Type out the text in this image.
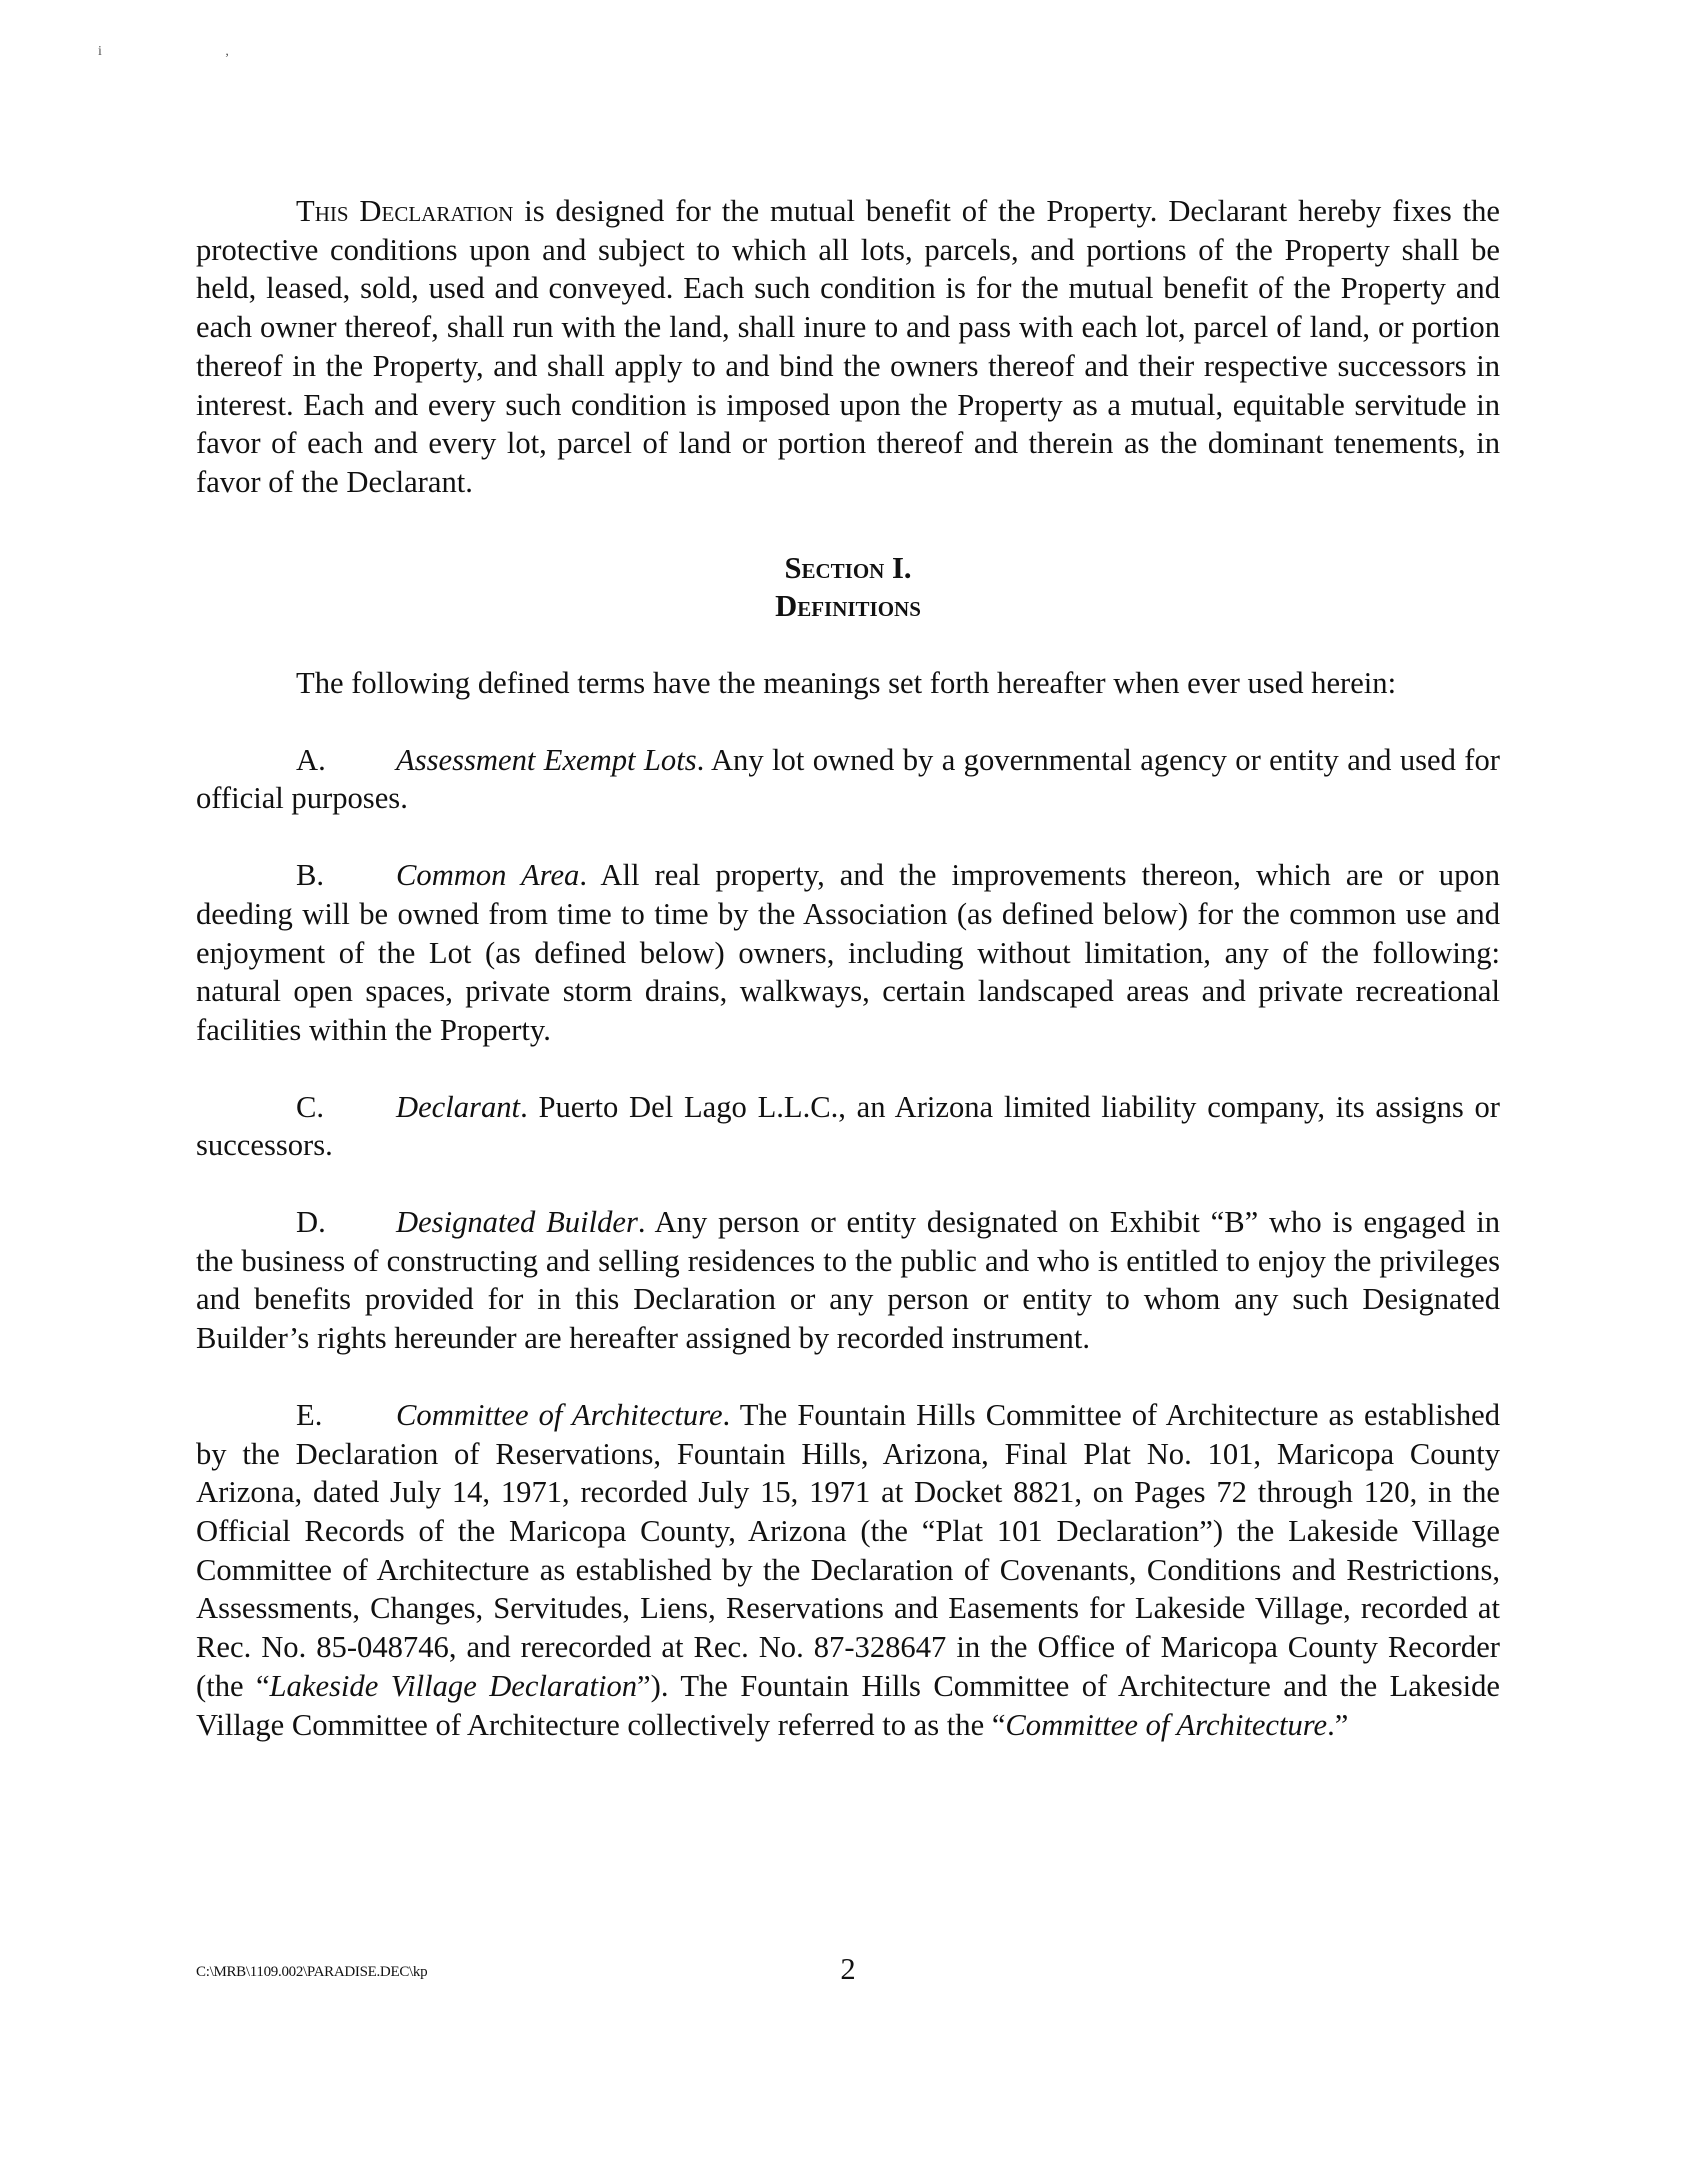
i ,

This Declaration is designed for the mutual benefit of the Property. Declarant hereby fixes the protective conditions upon and subject to which all lots, parcels, and portions of the Property shall be held, leased, sold, used and conveyed. Each such condition is for the mutual benefit of the Property and each owner thereof, shall run with the land, shall inure to and pass with each lot, parcel of land, or portion thereof in the Property, and shall apply to and bind the owners thereof and their respective successors in interest. Each and every such condition is imposed upon the Property as a mutual, equitable servitude in favor of each and every lot, parcel of land or portion thereof and therein as the dominant tenements, in favor of the Declarant.

Section I.
Definitions

The following defined terms have the meanings set forth hereafter when ever used herein:

A. Assessment Exempt Lots. Any lot owned by a governmental agency or entity and used for official purposes.

B. Common Area. All real property, and the improvements thereon, which are or upon deeding will be owned from time to time by the Association (as defined below) for the common use and enjoyment of the Lot (as defined below) owners, including without limitation, any of the following: natural open spaces, private storm drains, walkways, certain landscaped areas and private recreational facilities within the Property.

C. Declarant. Puerto Del Lago L.L.C., an Arizona limited liability company, its assigns or successors.

D. Designated Builder. Any person or entity designated on Exhibit “B” who is engaged in the business of constructing and selling residences to the public and who is entitled to enjoy the privileges and benefits provided for in this Declaration or any person or entity to whom any such Designated Builder’s rights hereunder are hereafter assigned by recorded instrument.

E. Committee of Architecture. The Fountain Hills Committee of Architecture as established by the Declaration of Reservations, Fountain Hills, Arizona, Final Plat No. 101, Maricopa County Arizona, dated July 14, 1971, recorded July 15, 1971 at Docket 8821, on Pages 72 through 120, in the Official Records of the Maricopa County, Arizona (the “Plat 101 Declaration”) the Lakeside Village Committee of Architecture as established by the Declaration of Covenants, Conditions and Restrictions, Assessments, Changes, Servitudes, Liens, Reservations and Easements for Lakeside Village, recorded at Rec. No. 85-048746, and rerecorded at Rec. No. 87-328647 in the Office of Maricopa County Recorder (the “Lakeside Village Declaration”). The Fountain Hills Committee of Architecture and the Lakeside Village Committee of Architecture collectively referred to as the “Committee of Architecture.”

C:\MRB\1109.002\PARADISE.DEC\kp	2
